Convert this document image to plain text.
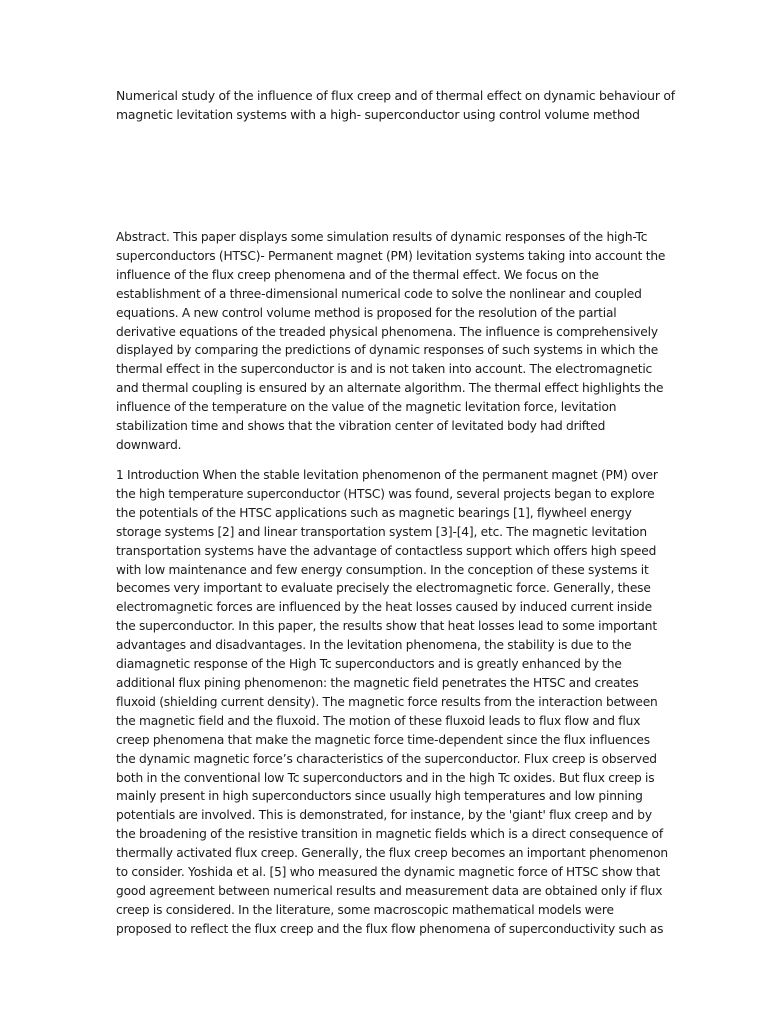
Numerical study of the influence of flux creep and of thermal effect on dynamic behaviour of
magnetic levitation systems with a high- superconductor using control volume method

Abstract. This paper displays some simulation results of dynamic responses of the high-Tc
superconductors (HTSC)- Permanent magnet (PM) levitation systems taking into account the
influence of the flux creep phenomena and of the thermal effect. We focus on the
establishment of a three-dimensional numerical code to solve the nonlinear and coupled
equations. A new control volume method is proposed for the resolution of the partial
derivative equations of the treaded physical phenomena. The influence is comprehensively
displayed by comparing the predictions of dynamic responses of such systems in which the
thermal effect in the superconductor is and is not taken into account. The electromagnetic
and thermal coupling is ensured by an alternate algorithm. The thermal effect highlights the
influence of the temperature on the value of the magnetic levitation force, levitation
stabilization time and shows that the vibration center of levitated body had drifted
downward.

1 Introduction When the stable levitation phenomenon of the permanent magnet (PM) over
the high temperature superconductor (HTSC) was found, several projects began to explore
the potentials of the HTSC applications such as magnetic bearings [1], flywheel energy
storage systems [2] and linear transportation system [3]-[4], etc. The magnetic levitation
transportation systems have the advantage of contactless support which offers high speed
with low maintenance and few energy consumption. In the conception of these systems it
becomes very important to evaluate precisely the electromagnetic force. Generally, these
electromagnetic forces are influenced by the heat losses caused by induced current inside
the superconductor. In this paper, the results show that heat losses lead to some important
advantages and disadvantages. In the levitation phenomena, the stability is due to the
diamagnetic response of the High Tc superconductors and is greatly enhanced by the
additional flux pining phenomenon: the magnetic field penetrates the HTSC and creates
fluxoid (shielding current density). The magnetic force results from the interaction between
the magnetic field and the fluxoid. The motion of these fluxoid leads to flux flow and flux
creep phenomena that make the magnetic force time-dependent since the flux influences
the dynamic magnetic force’s characteristics of the superconductor. Flux creep is observed
both in the conventional low Tc superconductors and in the high Tc oxides. But flux creep is
mainly present in high superconductors since usually high temperatures and low pinning
potentials are involved. This is demonstrated, for instance, by the 'giant' flux creep and by
the broadening of the resistive transition in magnetic fields which is a direct consequence of
thermally activated flux creep. Generally, the flux creep becomes an important phenomenon
to consider. Yoshida et al. [5] who measured the dynamic magnetic force of HTSC show that
good agreement between numerical results and measurement data are obtained only if flux
creep is considered. In the literature, some macroscopic mathematical models were
proposed to reflect the flux creep and the flux flow phenomena of superconductivity such as
